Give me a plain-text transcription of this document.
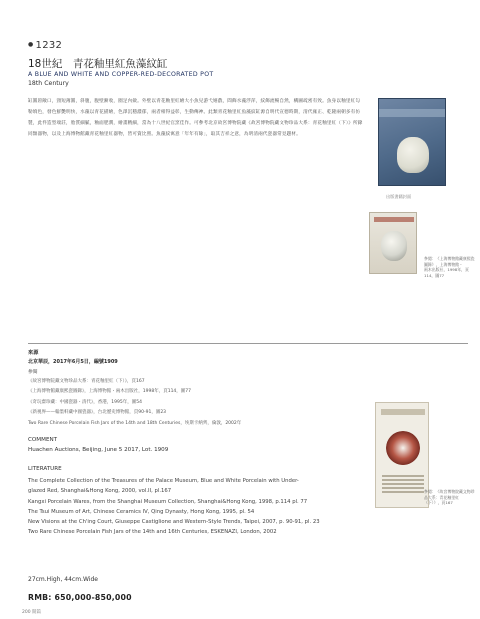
● 1232
18世紀　青花釉里紅魚藻紋缸
A BLUE AND WHITE AND COPPER-RED-DECORATED POT
18th Century

缸圓唇敞口，頸短薄圓，斜腹，腹壁漸收，圈足內斂。外壁以青花釉里紅繪大小魚兒游弋嬉戲，間飾水藻浮萍，紋飾流暢自然，構圖疏密有致。魚身以釉里紅勾勒填色，發色鮮艷明快，水藻以青花描繪，色澤沉穩濃郁，兩者相得益彰，生動傳神。此類青花釉里紅魚藻紋缸源自明代宣德時期，清代雍正、乾隆兩朝多有仿製，此件造型端莊，胎質細膩，釉面肥潤，繪畫精細，當為十八世紀官窯佳作。可參考北京故宮博物院藏《故宮博物院藏文物珍品大系：青花釉里紅（下）》所錄同類器物，以及上海博物館藏青花釉里紅器物，皆可資比照。魚藻紋寓意「年年有餘」，取其吉祥之意，為明清兩代瓷器常見題材。

出版書籍封面
參閱：《上海博物館藏康熙瓷圖錄》，上海博物館・
兩木出版社，1998年，頁
114，圖77
來源
北京華辰，2017年6月5日，編號1909
參閱
《故宮博物院藏文物珍品大系：青花釉里紅（下）》，頁167
《上海博物館藏康熙瓷圖錄》，上海博物館・兩木出版社，1998年，頁114，圖77
《奇玩齋珍藏：中國瓷器・清代》，香港，1995年，圖54
《新視界——翰墨軒藏中國瓷器》，台北歷史博物館，頁90-91，圖23
Two Rare Chinese Porcelain Fish Jars of the 14th and 18th Centuries，埃斯卡納齊，倫敦，2002年
COMMENT
Huachen Auctions, Beijing, June 5 2017, Lot. 1909
LITERATURE
The Complete Collection of the Treasures of the Palace Museum, Blue and White Porcelain with Under-
glazed Red, Shanghai&Hong Kong, 2000, vol.II, pl.167
Kangxi Porcelain Wares, from the Shanghai Museum Collection, Shanghai&Hong Kong, 1998, p.114 pl. 77
The Tsui Museum of Art, Chinese Ceramics IV, Qing Dynasty, Hong Kong, 1995, pl. 54
New Visions at the Ch'ing Court, Giuseppe Castiglione and Western-Style Trends, Taipei, 2007, p. 90-91, pl. 23
Two Rare Chinese Porcelain Fish Jars of the 14th and 16th Centuries, ESKENAZI, London, 2002
參閱：《故宮博物院藏文物珍品大系：青花釉里紅
（下）》，頁167
27cm.High, 44cm.Wide
RMB: 650,000-850,000
200 開篇
